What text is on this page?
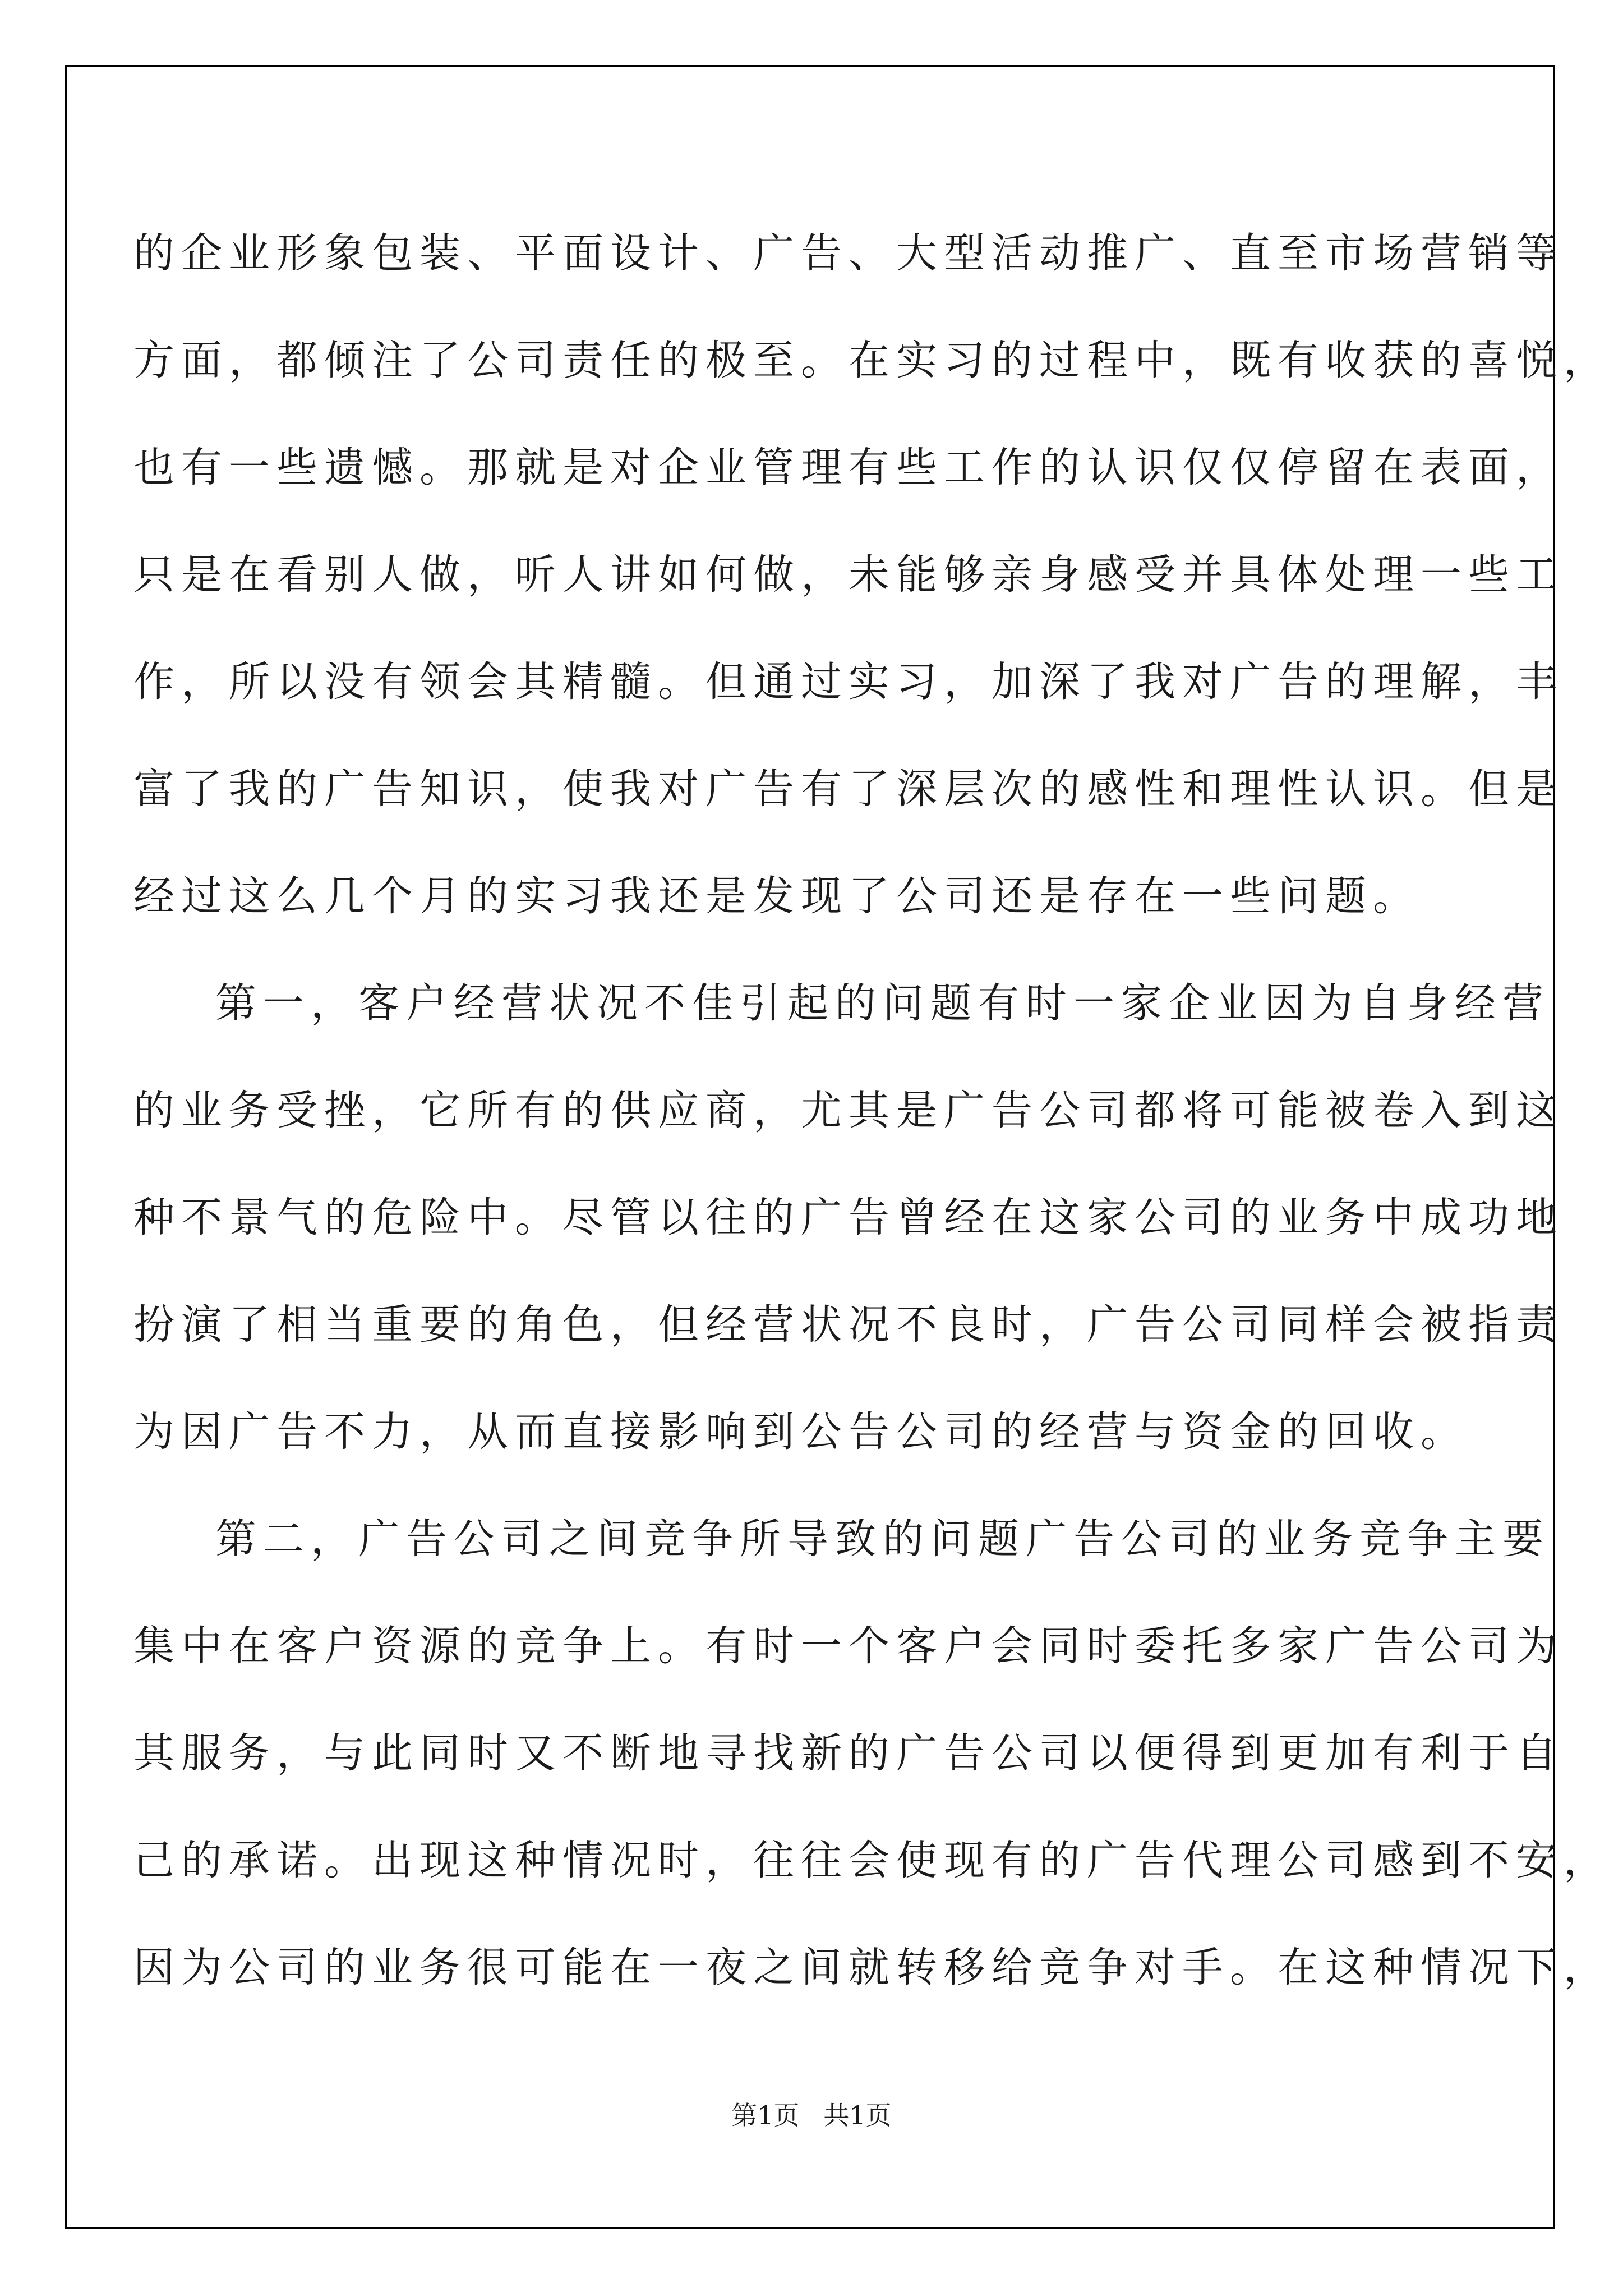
的企业形象包装、平面设计、广告、大型活动推广、直至市场营销等
方面，都倾注了公司责任的极至。在实习的过程中，既有收获的喜悦，
也有一些遗憾。那就是对企业管理有些工作的认识仅仅停留在表面，
只是在看别人做，听人讲如何做，未能够亲身感受并具体处理一些工
作，所以没有领会其精髓。但通过实习，加深了我对广告的理解，丰
富了我的广告知识，使我对广告有了深层次的感性和理性认识。但是
经过这么几个月的实习我还是发现了公司还是存在一些问题。

第一，客户经营状况不佳引起的问题有时一家企业因为自身经营
的业务受挫，它所有的供应商，尤其是广告公司都将可能被卷入到这
种不景气的危险中。尽管以往的广告曾经在这家公司的业务中成功地
扮演了相当重要的角色，但经营状况不良时，广告公司同样会被指责
为因广告不力，从而直接影响到公告公司的经营与资金的回收。

第二，广告公司之间竞争所导致的问题广告公司的业务竞争主要
集中在客户资源的竞争上。有时一个客户会同时委托多家广告公司为
其服务，与此同时又不断地寻找新的广告公司以便得到更加有利于自
己的承诺。出现这种情况时，往往会使现有的广告代理公司感到不安，
因为公司的业务很可能在一夜之间就转移给竞争对手。在这种情况下，

第1页 共1页
